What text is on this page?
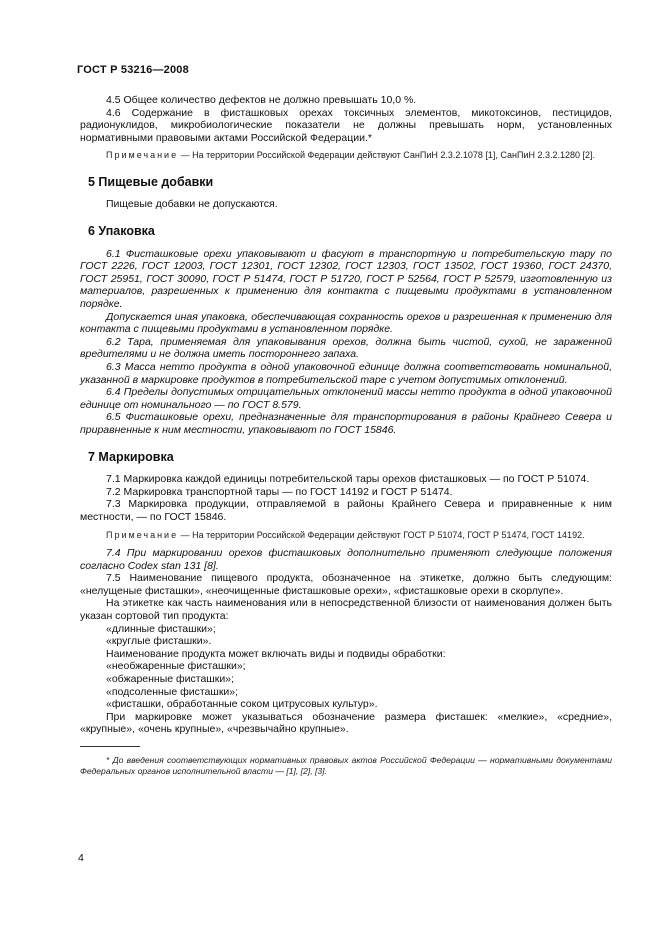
ГОСТ Р 53216—2008

4.5 Общее количество дефектов не должно превышать 10,0 %.

4.6 Содержание в фисташковых орехах токсичных элементов, микотоксинов, пестицидов, радионуклидов, микробиологические показатели не должны превышать норм, установленных нормативными правовыми актами Российской Федерации.*

Примечание — На территории Российской Федерации действуют СанПиН 2.3.2.1078 [1], СанПиН 2.3.2.1280 [2].

5 Пищевые добавки

Пищевые добавки не допускаются.

6 Упаковка

6.1 Фисташковые орехи упаковывают и фасуют в транспортную и потребительскую тару по ГОСТ 2226, ГОСТ 12003, ГОСТ 12301, ГОСТ 12302, ГОСТ 12303, ГОСТ 13502, ГОСТ 19360, ГОСТ 24370, ГОСТ 25951, ГОСТ 30090, ГОСТ Р 51474, ГОСТ Р 51720, ГОСТ Р 52564, ГОСТ Р 52579, изготовленную из материалов, разрешенных к применению для контакта с пищевыми продуктами в установленном порядке.

Допускается иная упаковка, обеспечивающая сохранность орехов и разрешенная к применению для контакта с пищевыми продуктами в установленном порядке.

6.2 Тара, применяемая для упаковывания орехов, должна быть чистой, сухой, не зараженной вредителями и не должна иметь постороннего запаха.

6.3 Масса нетто продукта в одной упаковочной единице должна соответствовать номинальной, указанной в маркировке продуктов в потребительской таре с учетом допустимых отклонений.

6.4 Пределы допустимых отрицательных отклонений массы нетто продукта в одной упаковочной единице от номинального — по ГОСТ 8.579.

6.5 Фисташковые орехи, предназначенные для транспортирования в районы Крайнего Севера и приравненные к ним местности, упаковывают по ГОСТ 15846.

7 Маркировка

7.1 Маркировка каждой единицы потребительской тары орехов фисташковых — по ГОСТ Р 51074.

7.2 Маркировка транспортной тары — по ГОСТ 14192 и ГОСТ Р 51474.

7.3 Маркировка продукции, отправляемой в районы Крайнего Севера и приравненные к ним местности, — по ГОСТ 15846.

Примечание — На территории Российской Федерации действуют ГОСТ Р 51074, ГОСТ Р 51474, ГОСТ 14192.

7.4 При маркировании орехов фисташковых дополнительно применяют следующие положения согласно Codex stan 131 [8].

7.5 Наименование пищевого продукта, обозначенное на этикетке, должно быть следующим: «нелущеные фисташки», «неочищенные фисташковые орехи», «фисташковые орехи в скорлупе».

На этикетке как часть наименования или в непосредственной близости от наименования должен быть указан сортовой тип продукта:

«длинные фисташки»;

«круглые фисташки».

Наименование продукта может включать виды и подвиды обработки:

«необжаренные фисташки»;

«обжаренные фисташки»;

«подсоленные фисташки»;

«фисташки, обработанные соком цитрусовых культур».

При маркировке может указываться обозначение размера фисташек: «мелкие», «средние», «крупные», «очень крупные», «чрезвычайно крупные».

* До введения соответствующих нормативных правовых актов Российской Федерации — нормативными документами Федеральных органов исполнительной власти — [1], [2], [3].

4
